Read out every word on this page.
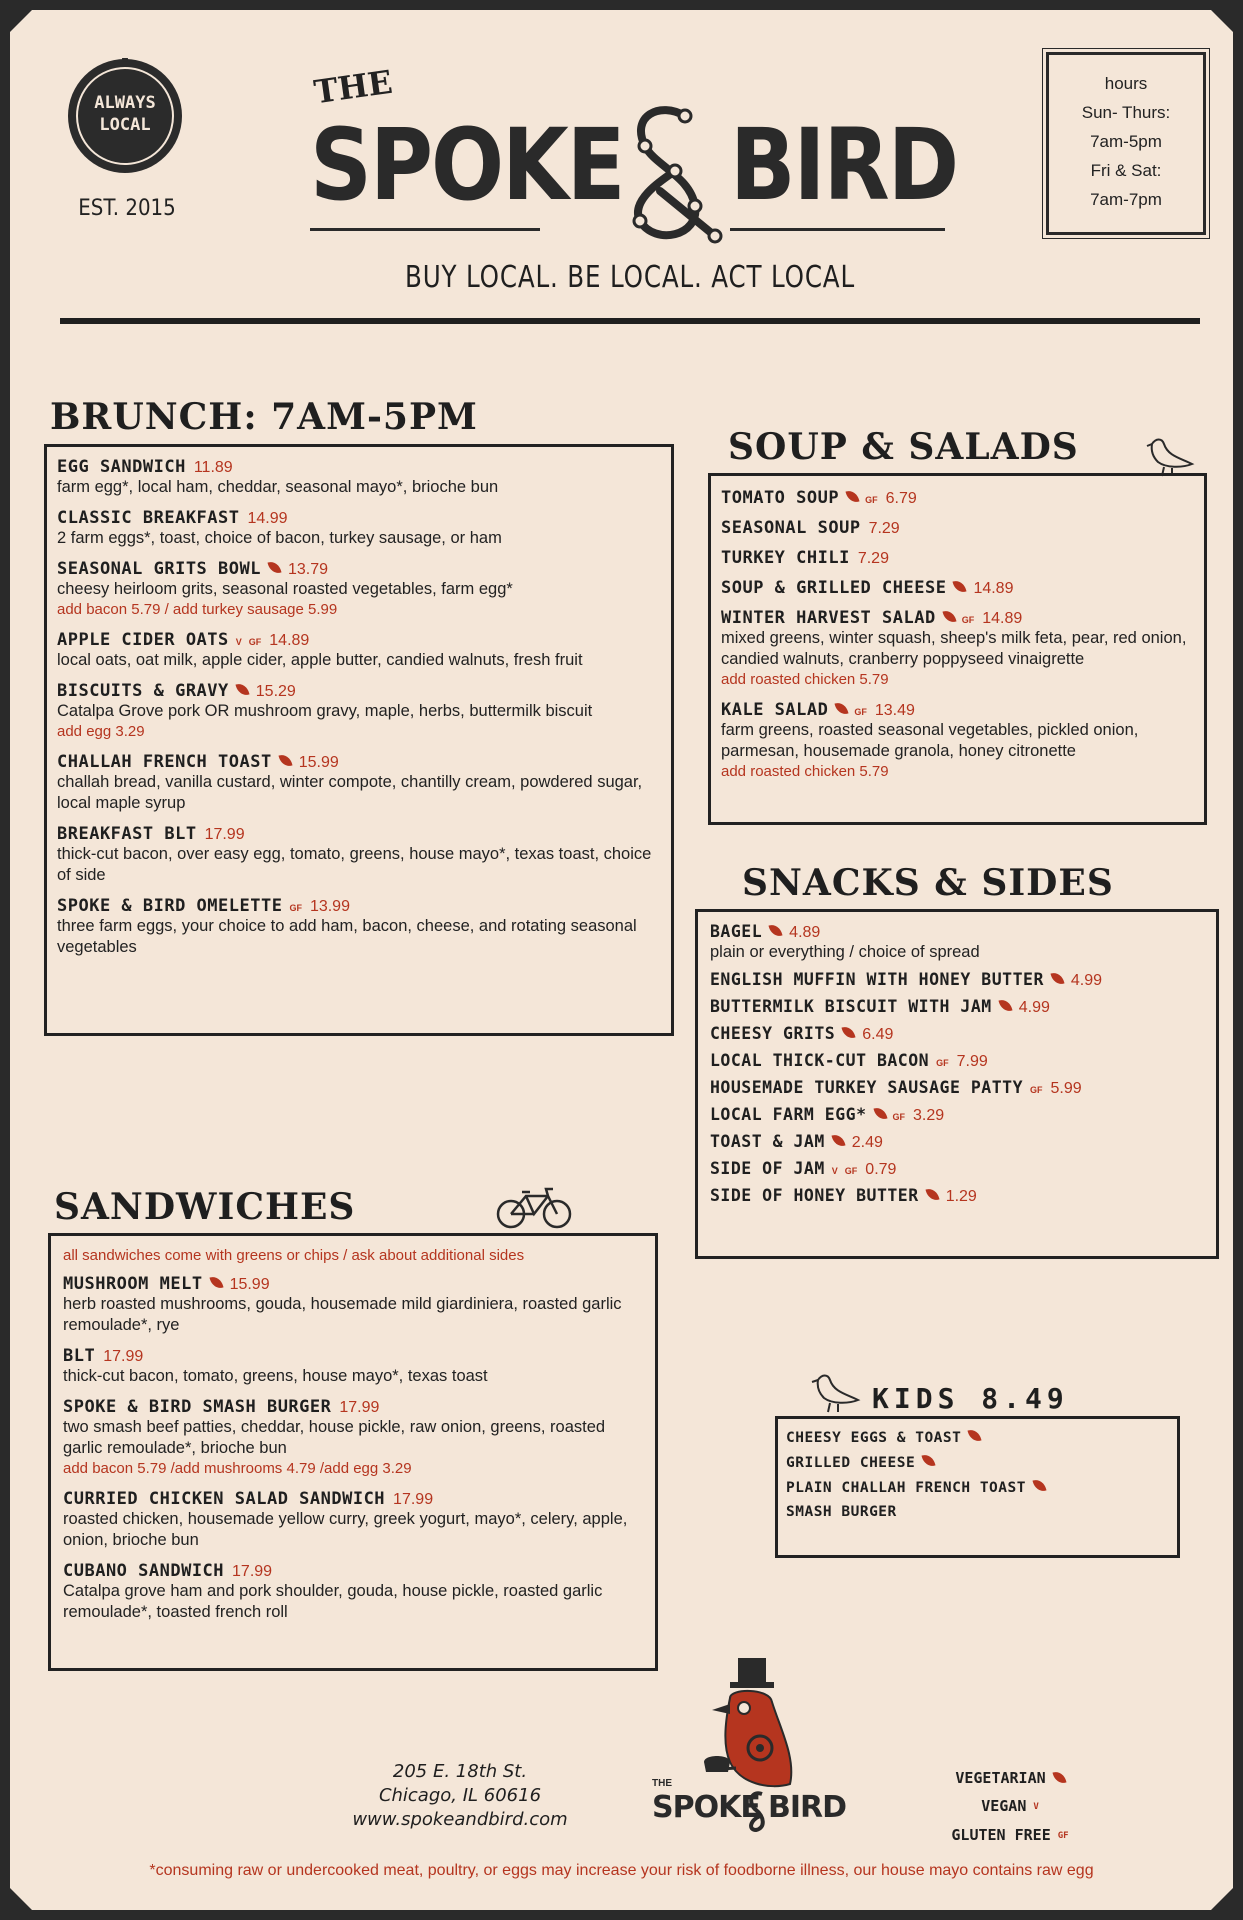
ALWAYS
LOCAL
EST. 2015
THE
SPOKE BIRD
BUY LOCAL. BE LOCAL. ACT LOCAL
hours
Sun- Thurs:
7am-5pm
Fri & Sat:
7am-7pm
BRUNCH: 7AM-5PM
EGG SANDWICH 11.89
farm egg*, local ham, cheddar, seasonal mayo*, brioche bun
CLASSIC BREAKFAST 14.99
2 farm eggs*, toast, choice of bacon, turkey sausage, or ham
SEASONAL GRITS BOWL 13.79
cheesy heirloom grits, seasonal roasted vegetables, farm egg*
add bacon 5.79 / add turkey sausage 5.99
APPLE CIDER OATS V GF 14.89
local oats, oat milk, apple cider, apple butter, candied walnuts, fresh fruit
BISCUITS & GRAVY 15.29
Catalpa Grove pork OR mushroom gravy, maple, herbs, buttermilk biscuit
add egg 3.29
CHALLAH FRENCH TOAST 15.99
challah bread, vanilla custard, winter compote, chantilly cream, powdered sugar, local maple syrup
BREAKFAST BLT 17.99
thick-cut bacon, over easy egg, tomato, greens, house mayo*, texas toast, choice of side
SPOKE & BIRD OMELETTE GF 13.99
three farm eggs, your choice to add ham, bacon, cheese, and rotating seasonal vegetables
SANDWICHES
all sandwiches come with greens or chips / ask about additional sides
MUSHROOM MELT 15.99
herb roasted mushrooms, gouda, housemade mild giardiniera, roasted garlic remoulade*, rye
BLT 17.99
thick-cut bacon, tomato, greens, house mayo*, texas toast
SPOKE & BIRD SMASH BURGER 17.99
two smash beef patties, cheddar, house pickle, raw onion, greens, roasted garlic remoulade*, brioche bun
add bacon 5.79 /add mushrooms 4.79 /add egg 3.29
CURRIED CHICKEN SALAD SANDWICH 17.99
roasted chicken, housemade yellow curry, greek yogurt, mayo*, celery, apple, onion, brioche bun
CUBANO SANDWICH 17.99
Catalpa grove ham and pork shoulder, gouda, house pickle, roasted garlic remoulade*, toasted french roll
SOUP & SALADS
TOMATO SOUP	GF 6.79
SEASONAL SOUP 7.29
TURKEY CHILI 7.29
SOUP & GRILLED CHEESE 14.89
WINTER HARVEST SALAD	GF 14.89
mixed greens, winter squash, sheep's milk feta, pear, red onion, candied walnuts, cranberry poppyseed vinaigrette
add roasted chicken 5.79
KALE SALAD	GF 13.49
farm greens, roasted seasonal vegetables, pickled onion, parmesan, housemade granola, honey citronette
add roasted chicken 5.79
SNACKS & SIDES
BAGEL 4.89
plain or everything / choice of spread
ENGLISH MUFFIN WITH HONEY BUTTER 4.99
BUTTERMILK BISCUIT WITH JAM 4.99
CHEESY GRITS 6.49
LOCAL THICK-CUT BACON GF 7.99
HOUSEMADE TURKEY SAUSAGE PATTY GF 5.99
LOCAL FARM EGG*	GF 3.29
TOAST & JAM 2.49
SIDE OF JAM V GF 0.79
SIDE OF HONEY BUTTER 1.29
KIDS 8.49
CHEESY EGGS & TOAST
GRILLED CHEESE
PLAIN CHALLAH FRENCH TOAST
SMASH BURGER
205 E. 18th St.
Chicago, IL 60616
www.spokeandbird.com
THE
SPOKE BIRD
VEGETARIAN
VEGAN V
GLUTEN FREE GF
*consuming raw or undercooked meat, poultry, or eggs may increase your risk of foodborne illness, our house mayo contains raw egg
